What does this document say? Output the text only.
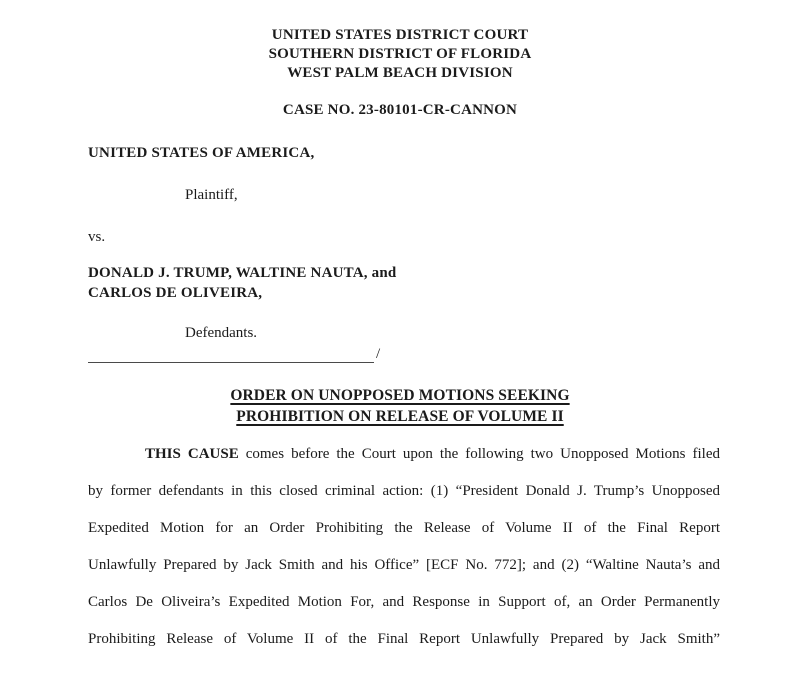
UNITED STATES DISTRICT COURT
SOUTHERN DISTRICT OF FLORIDA
WEST PALM BEACH DIVISION
CASE NO. 23-80101-CR-CANNON
UNITED STATES OF AMERICA,
Plaintiff,
vs.
DONALD J. TRUMP, WALTINE NAUTA, and
CARLOS DE OLIVEIRA,
Defendants.
/
ORDER ON UNOPPOSED MOTIONS SEEKING
PROHIBITION ON RELEASE OF VOLUME II
THIS CAUSE comes before the Court upon the following two Unopposed Motions filed
by former defendants in this closed criminal action: (1) “President Donald J. Trump’s Unopposed
Expedited Motion for an Order Prohibiting the Release of Volume II of the Final Report
Unlawfully Prepared by Jack Smith and his Office” [ECF No. 772]; and (2) “Waltine Nauta’s and
Carlos De Oliveira’s Expedited Motion For, and Response in Support of, an Order Permanently
Prohibiting Release of Volume II of the Final Report Unlawfully Prepared by Jack Smith”
